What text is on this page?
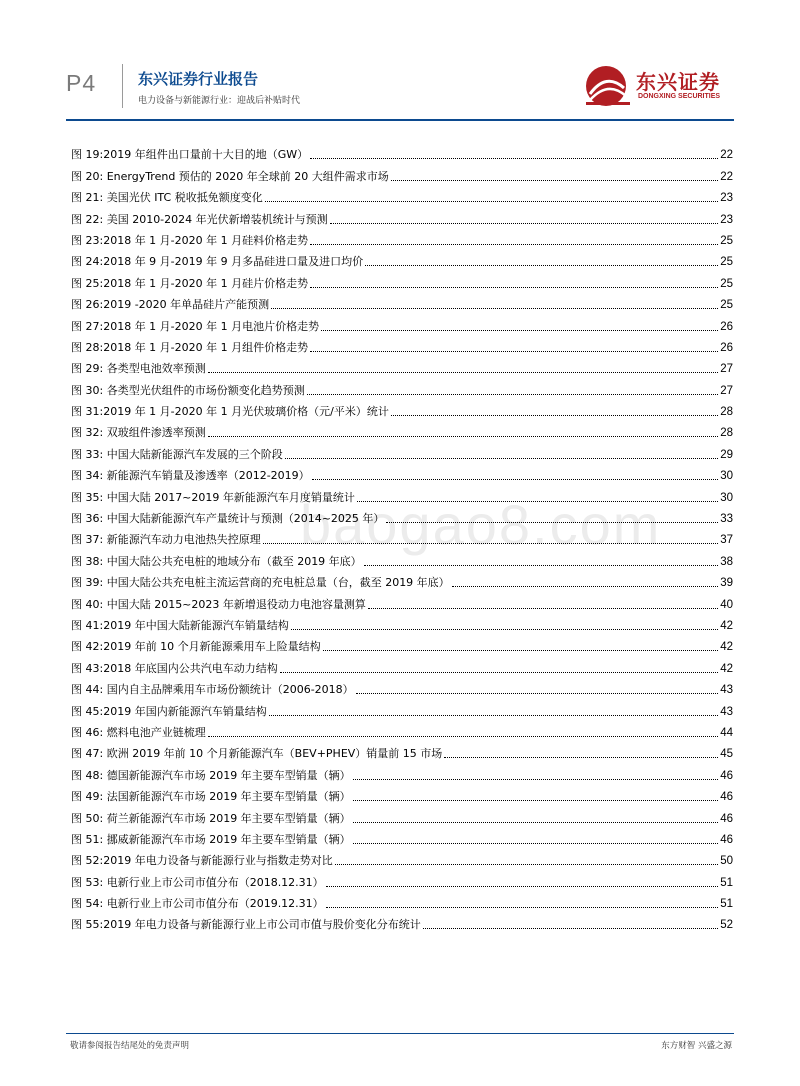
P4	东兴证券行业报告
电力设备与新能源行业：迎战后补贴时代
东兴证券
DONGXING SECURITIES
baogao8.com
图 19:2019 年组件出口量前十大目的地（GW）	22
图 20: EnergyTrend 预估的 2020 年全球前 20 大组件需求市场	22
图 21: 美国光伏 ITC 税收抵免额度变化	23
图 22: 美国 2010-2024 年光伏新增装机统计与预测	23
图 23:2018 年 1 月-2020 年 1 月硅料价格走势	25
图 24:2018 年 9 月-2019 年 9 月多晶硅进口量及进口均价	25
图 25:2018 年 1 月-2020 年 1 月硅片价格走势	25
图 26:2019 -2020 年单晶硅片产能预测	25
图 27:2018 年 1 月-2020 年 1 月电池片价格走势	26
图 28:2018 年 1 月-2020 年 1 月组件价格走势	26
图 29: 各类型电池效率预测	27
图 30: 各类型光伏组件的市场份额变化趋势预测	27
图 31:2019 年 1 月-2020 年 1 月光伏玻璃价格（元/平米）统计	28
图 32: 双玻组件渗透率预测	28
图 33: 中国大陆新能源汽车发展的三个阶段	29
图 34: 新能源汽车销量及渗透率（2012-2019）	30
图 35: 中国大陆 2017~2019 年新能源汽车月度销量统计	30
图 36: 中国大陆新能源汽车产量统计与预测（2014~2025 年）	33
图 37: 新能源汽车动力电池热失控原理	37
图 38: 中国大陆公共充电桩的地域分布（截至 2019 年底）	38
图 39: 中国大陆公共充电桩主流运营商的充电桩总量（台，截至 2019 年底）	39
图 40: 中国大陆 2015~2023 年新增退役动力电池容量测算	40
图 41:2019 年中国大陆新能源汽车销量结构	42
图 42:2019 年前 10 个月新能源乘用车上险量结构	42
图 43:2018 年底国内公共汽电车动力结构	42
图 44: 国内自主品牌乘用车市场份额统计（2006-2018）	43
图 45:2019 年国内新能源汽车销量结构	43
图 46: 燃料电池产业链梳理	44
图 47: 欧洲 2019 年前 10 个月新能源汽车（BEV+PHEV）销量前 15 市场	45
图 48: 德国新能源汽车市场 2019 年主要车型销量（辆）	46
图 49: 法国新能源汽车市场 2019 年主要车型销量（辆）	46
图 50: 荷兰新能源汽车市场 2019 年主要车型销量（辆）	46
图 51: 挪威新能源汽车市场 2019 年主要车型销量（辆）	46
图 52:2019 年电力设备与新能源行业与指数走势对比	50
图 53: 电新行业上市公司市值分布（2018.12.31）	51
图 54: 电新行业上市公司市值分布（2019.12.31）	51
图 55:2019 年电力设备与新能源行业上市公司市值与股价变化分布统计	52
敬请参阅报告结尾处的免责声明	东方财智 兴盛之源
